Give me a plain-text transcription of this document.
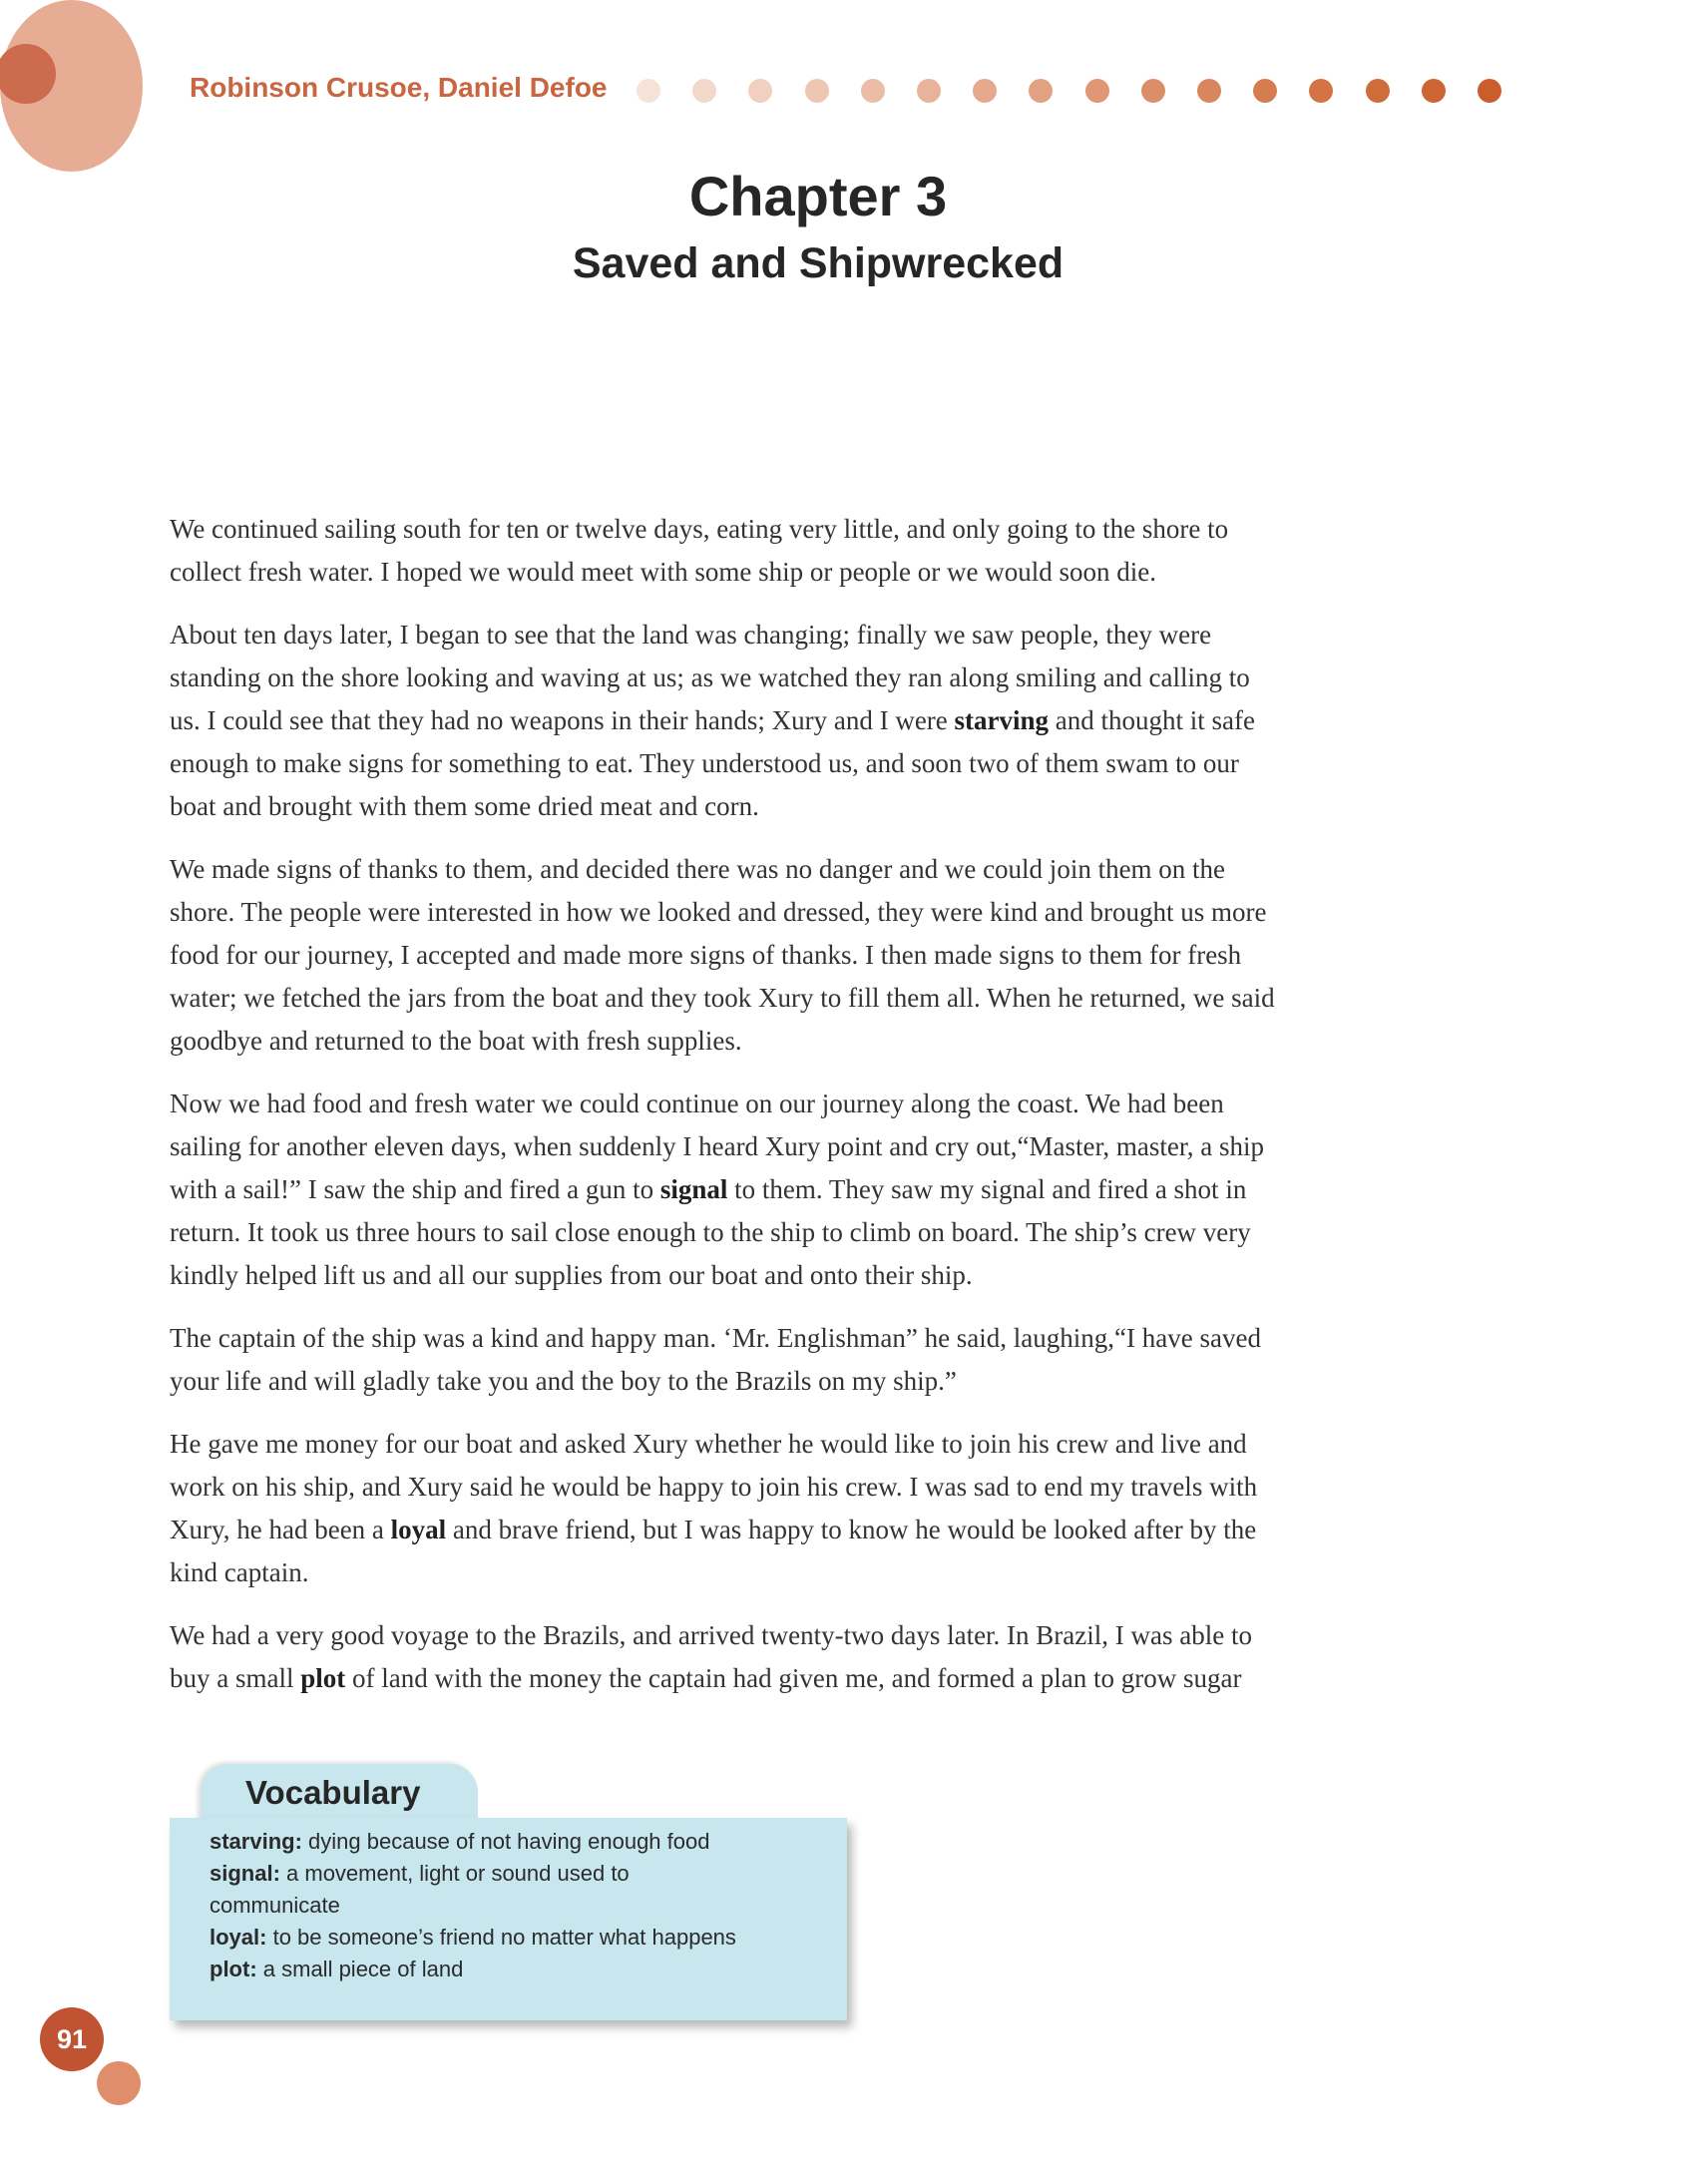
Robinson Crusoe, Daniel Defoe
Chapter 3
Saved and Shipwrecked

We continued sailing south for ten or twelve days, eating very little, and only going to the shore to
collect fresh water. I hoped we would meet with some ship or people or we would soon die.

About ten days later, I began to see that the land was changing; finally we saw people, they were
standing on the shore looking and waving at us; as we watched they ran along smiling and calling to
us. I could see that they had no weapons in their hands; Xury and I were starving and thought it safe
enough to make signs for something to eat. They understood us, and soon two of them swam to our
boat and brought with them some dried meat and corn.

We made signs of thanks to them, and decided there was no danger and we could join them on the
shore. The people were interested in how we looked and dressed, they were kind and brought us more
food for our journey, I accepted and made more signs of thanks. I then made signs to them for fresh
water; we fetched the jars from the boat and they took Xury to fill them all. When he returned, we said
goodbye and returned to the boat with fresh supplies.

Now we had food and fresh water we could continue on our journey along the coast. We had been
sailing for another eleven days, when suddenly I heard Xury point and cry out,“Master, master, a ship
with a sail!” I saw the ship and fired a gun to signal to them. They saw my signal and fired a shot in
return. It took us three hours to sail close enough to the ship to climb on board. The ship’s crew very
kindly helped lift us and all our supplies from our boat and onto their ship.

The captain of the ship was a kind and happy man. ‘Mr. Englishman” he said, laughing,“I have saved
your life and will gladly take you and the boy to the Brazils on my ship.”

He gave me money for our boat and asked Xury whether he would like to join his crew and live and
work on his ship, and Xury said he would be happy to join his crew. I was sad to end my travels with
Xury, he had been a loyal and brave friend, but I was happy to know he would be looked after by the
kind captain.

We had a very good voyage to the Brazils, and arrived twenty-two days later. In Brazil, I was able to
buy a small plot of land with the money the captain had given me, and formed a plan to grow sugar

Vocabulary
starving: dying because of not having enough food
signal: a movement, light or sound used to
communicate
loyal: to be someone’s friend no matter what happens
plot: a small piece of land
91
